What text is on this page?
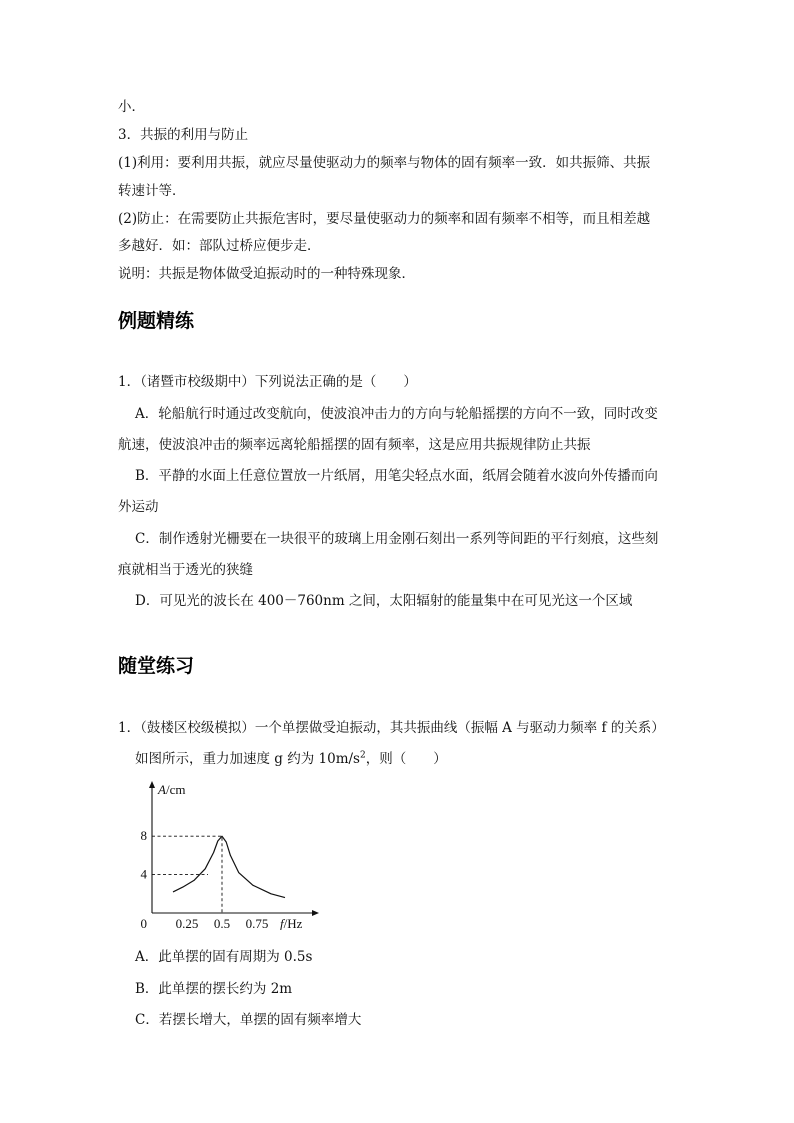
小．
3．共振的利用与防止
(1)利用：要利用共振，就应尽量使驱动力的频率与物体的固有频率一致．如共振筛、共振
转速计等．
(2)防止：在需要防止共振危害时，要尽量使驱动力的频率和固有频率不相等，而且相差越
多越好．如：部队过桥应便步走．
说明：共振是物体做受迫振动时的一种特殊现象．
例题精练
1．（诸暨市校级期中）下列说法正确的是（　　）
A．轮船航行时通过改变航向，使波浪冲击力的方向与轮船摇摆的方向不一致，同时改变
航速，使波浪冲击的频率远离轮船摇摆的固有频率，这是应用共振规律防止共振
B．平静的水面上任意位置放一片纸屑，用笔尖轻点水面，纸屑会随着水波向外传播而向
外运动
C．制作透射光栅要在一块很平的玻璃上用金刚石刻出一系列等间距的平行刻痕，这些刻
痕就相当于透光的狭缝
D．可见光的波长在 400－760nm 之间，太阳辐射的能量集中在可见光这一个区域
随堂练习
1．（鼓楼区校级模拟）一个单摆做受迫振动，其共振曲线（振幅 A 与驱动力频率 f 的关系）
如图所示，重力加速度 g 约为 $10m/s^2$，则（　　）
0.25 0.5 0.75
4
8
0
A/cm
f/Hz
A．此单摆的固有周期为 0.5s
B．此单摆的摆长约为 2m
C．若摆长增大，单摆的固有频率增大
